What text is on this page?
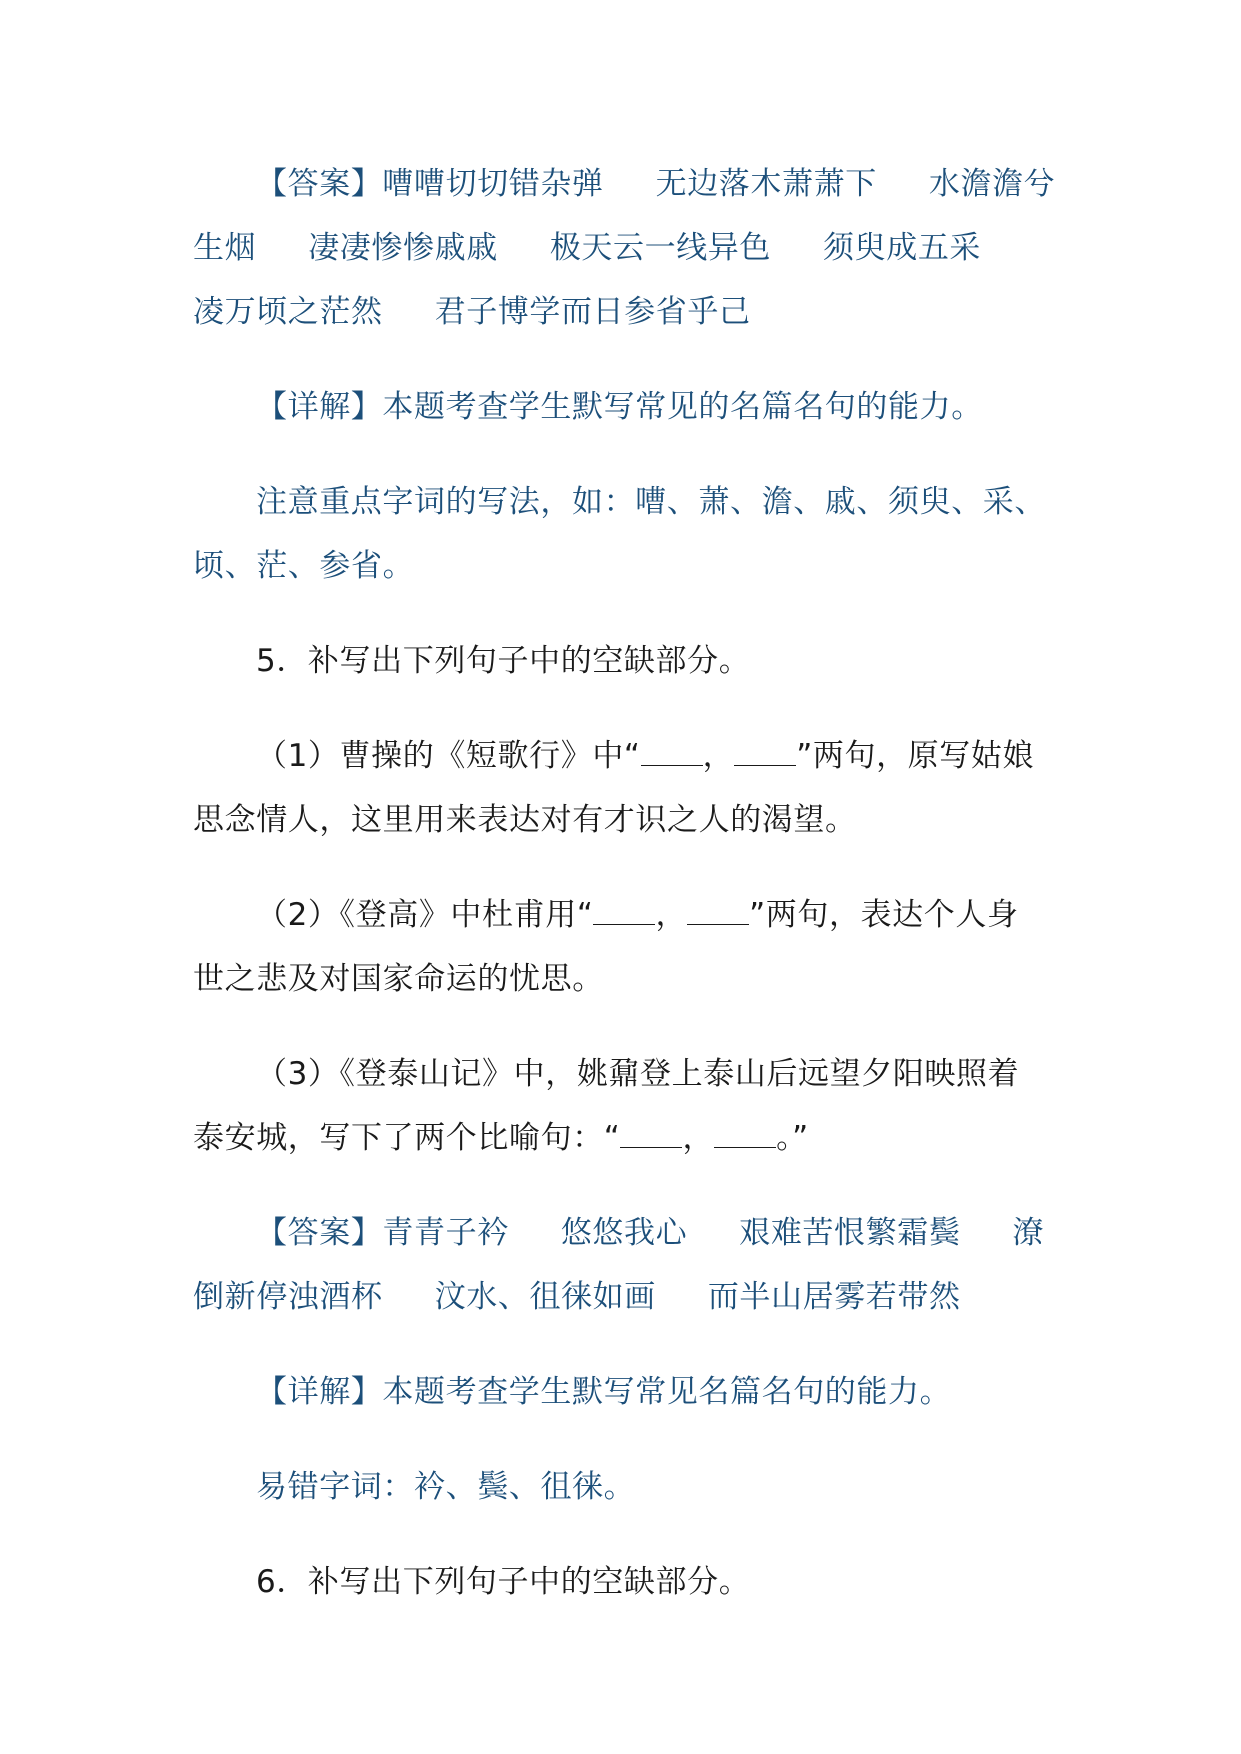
【答案】嘈嘈切切错杂弹 无边落木萧萧下 水澹澹兮
生烟 凄凄惨惨戚戚 极天云一线异色 须臾成五采
凌万顷之茫然 君子博学而日参省乎己
【详解】本题考查学生默写常见的名篇名句的能力。
注意重点字词的写法，如：嘈、萧、澹、戚、须臾、采、
顷、茫、参省。
5．补写出下列句子中的空缺部分。
（1）曹操的《短歌行》中“ ， ”两句，原写姑娘
思念情人，这里用来表达对有才识之人的渴望。
（2）《登高》中杜甫用“ ， ”两句，表达个人身
世之悲及对国家命运的忧思。
（3）《登泰山记》中，姚鼐登上泰山后远望夕阳映照着
泰安城，写下了两个比喻句：“ ， 。”
【答案】青青子衿 悠悠我心 艰难苦恨繁霜鬓 潦
倒新停浊酒杯 汶水、徂徕如画 而半山居雾若带然
【详解】本题考查学生默写常见名篇名句的能力。
易错字词：衿、鬓、徂徕。
6．补写出下列句子中的空缺部分。
